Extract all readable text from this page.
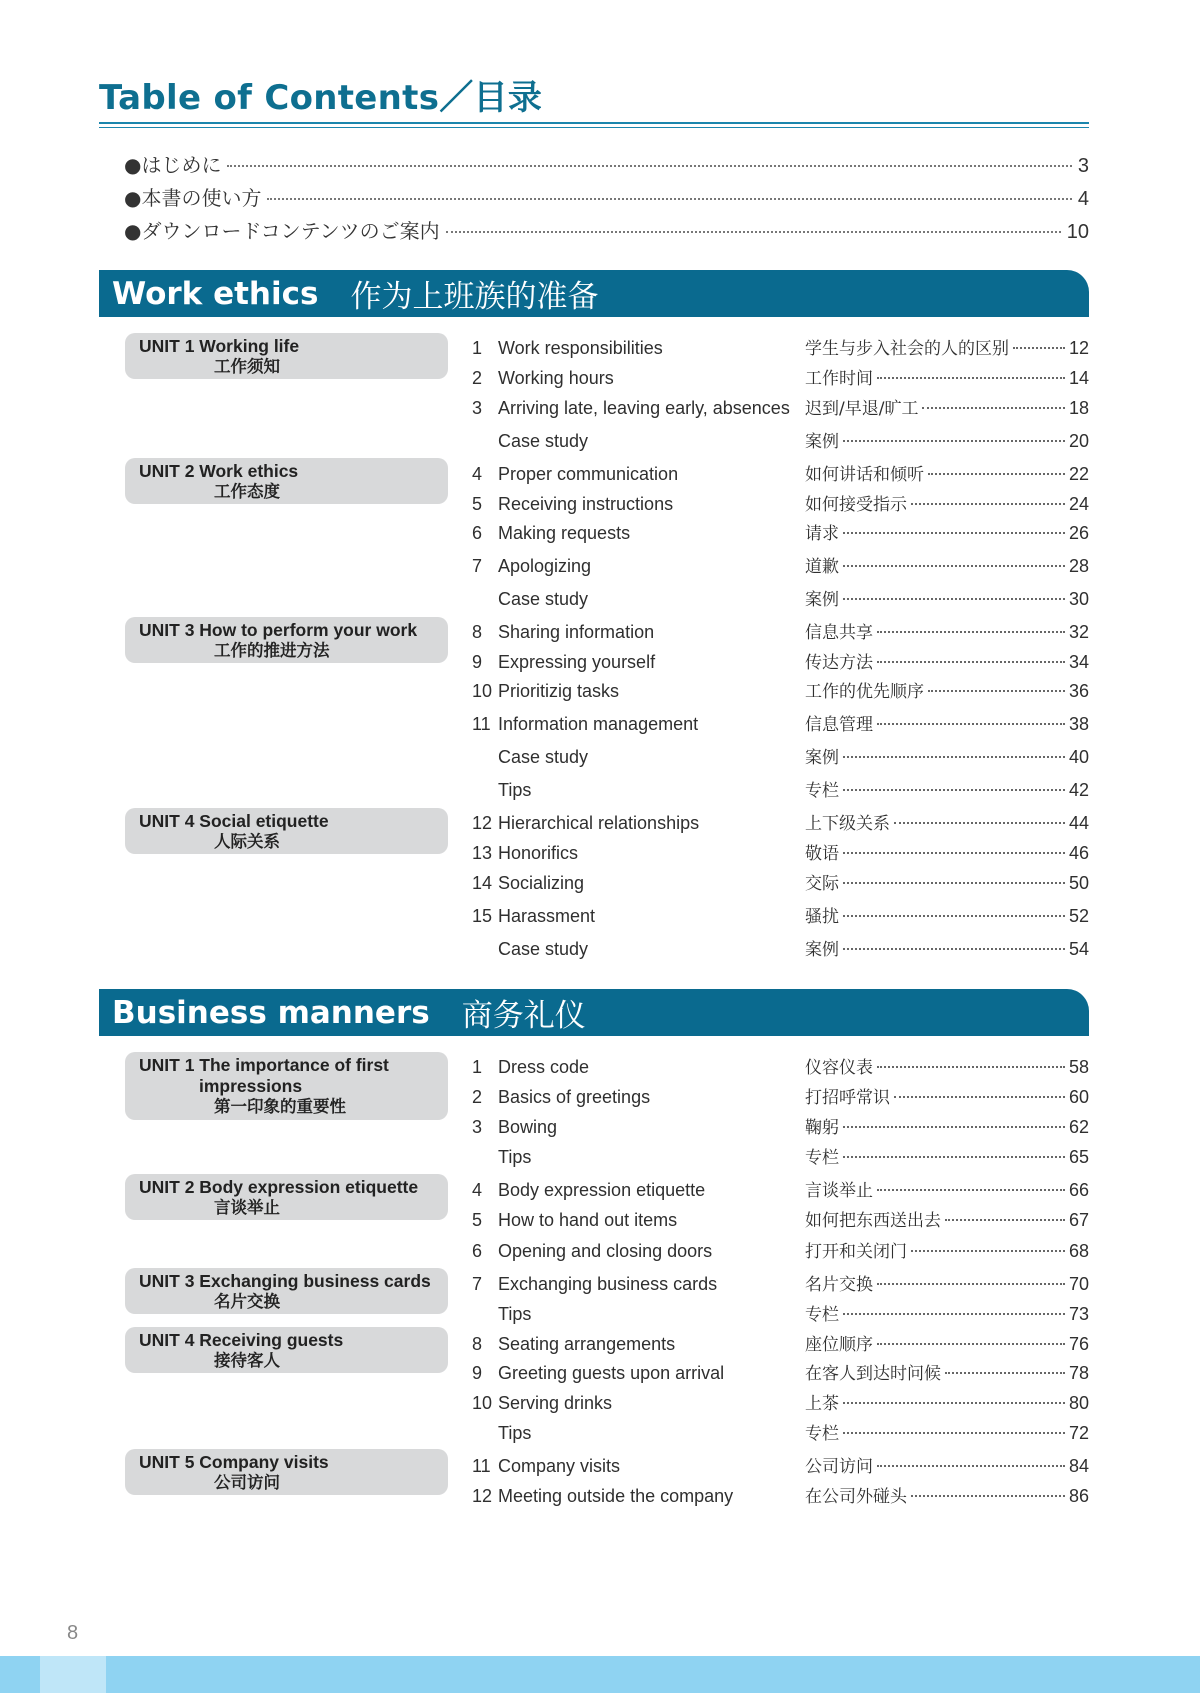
Table of Contents／目录
●はじめに	3
●本書の使い方	4
●ダウンロードコンテンツのご案内	10
Work ethics 作为上班族的准备
UNIT 1 Working life
工作须知
UNIT 2 Work ethics
工作态度
UNIT 3 How to perform your work
工作的推进方法
UNIT 4 Social etiquette
人际关系
1 Work responsibilities	学生与步入社会的人的区别	12
2 Working hours	工作时间	14
3 Arriving late, leaving early, absences 迟到/早退/旷工	18
Case study	案例	20
4 Proper communication	如何讲话和倾听	22
5 Receiving instructions	如何接受指示	24
6 Making requests	请求	26
7 Apologizing	道歉	28
Case study	案例	30
8 Sharing information	信息共享	32
9 Expressing yourself	传达方法	34
10 Prioritizig tasks	工作的优先顺序	36
11 Information management	信息管理	38
Case study	案例	40
Tips	专栏	42
12 Hierarchical relationships	上下级关系	44
13 Honorifics	敬语	46
14 Socializing	交际	50
15 Harassment	骚扰	52
Case study	案例	54
Business manners 商务礼仪
UNIT 1 The importance of first impressions
第一印象的重要性
UNIT 2 Body expression etiquette
言谈举止
UNIT 3 Exchanging business cards
名片交换
UNIT 4 Receiving guests
接待客人
UNIT 5 Company visits
公司访问
1 Dress code	仪容仪表	58
2 Basics of greetings	打招呼常识	60
3 Bowing	鞠躬	62
Tips	专栏	65
4 Body expression etiquette	言谈举止	66
5 How to hand out items	如何把东西送出去	67
6 Opening and closing doors	打开和关闭门	68
7 Exchanging business cards	名片交换	70
Tips	专栏	73
8 Seating arrangements	座位顺序	76
9 Greeting guests upon arrival	在客人到达时问候	78
10 Serving drinks	上茶	80
Tips	专栏	72
11 Company visits	公司访问	84
12 Meeting outside the company	在公司外碰头	86
8
